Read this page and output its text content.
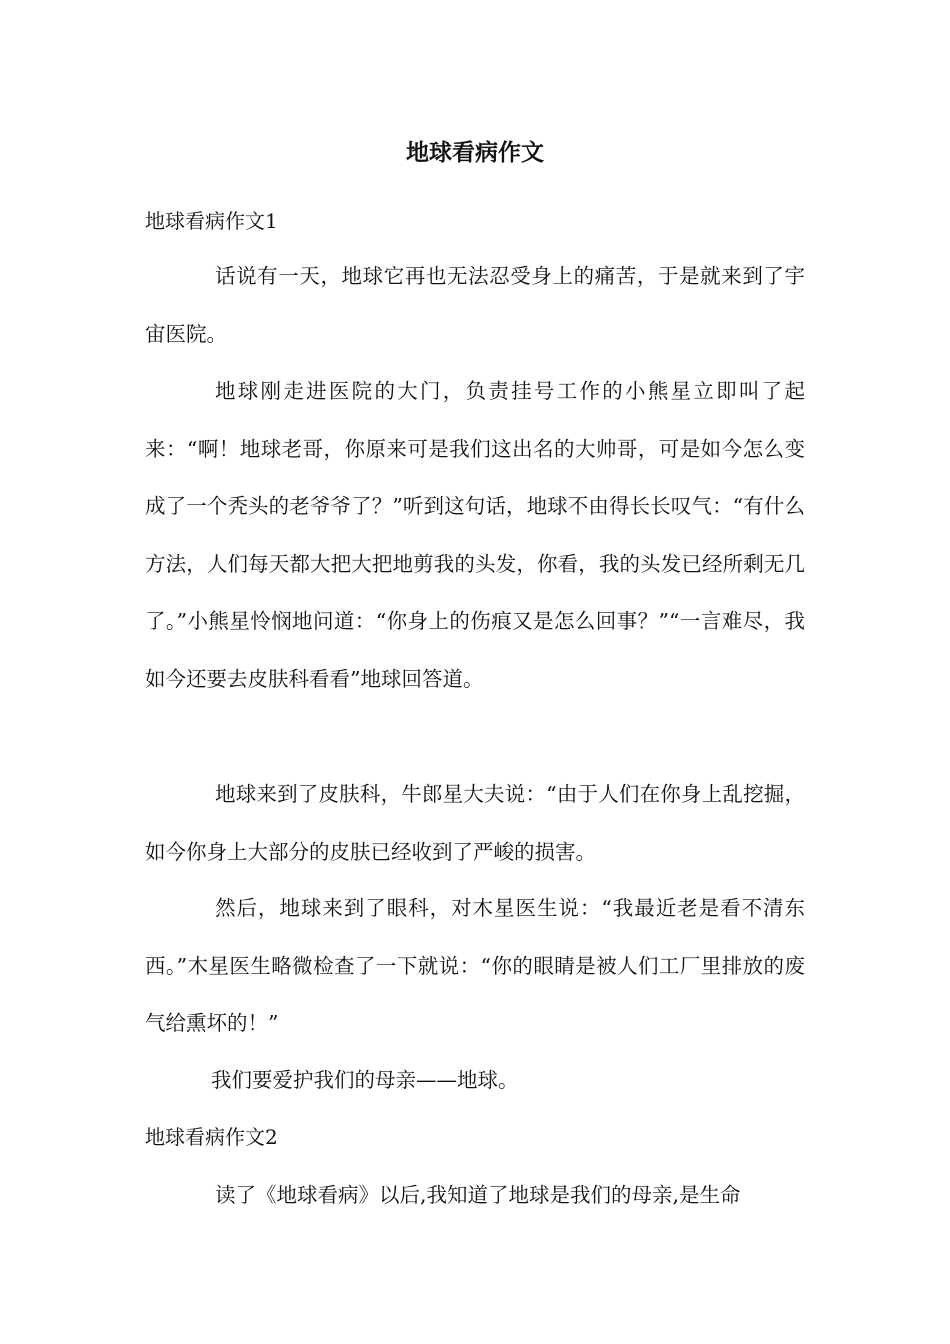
地球看病作文

地球看病作文1

话说有一天，地球它再也无法忍受身上的痛苦，于是就来到了宇宙医院。

地球刚走进医院的大门，负责挂号工作的小熊星立即叫了起来：“啊！地球老哥，你原来可是我们这出名的大帅哥，可是如今怎么变成了一个秃头的老爷爷了？”听到这句话，地球不由得长长叹气：“有什么方法，人们每天都大把大把地剪我的头发，你看，我的头发已经所剩无几了。”小熊星怜悯地问道：“你身上的伤痕又是怎么回事？”“一言难尽，我如今还要去皮肤科看看”地球回答道。

地球来到了皮肤科，牛郎星大夫说：“由于人们在你身上乱挖掘，如今你身上大部分的皮肤已经收到了严峻的损害。

然后，地球来到了眼科，对木星医生说：“我最近老是看不清东西。”木星医生略微检查了一下就说：“你的眼睛是被人们工厂里排放的废气给熏坏的！”

我们要爱护我们的母亲——地球。

地球看病作文2

读了《地球看病》以后,我知道了地球是我们的母亲,是生命
